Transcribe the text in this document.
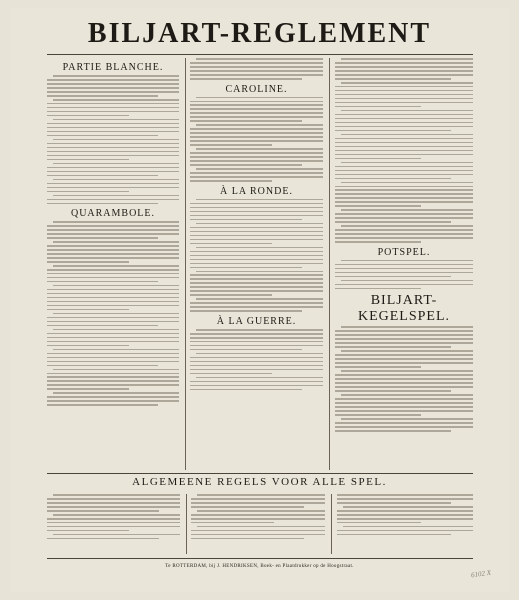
BILJART-REGLEMENT
PARTIE BLANCHE.
QUARAMBOLE.
CAROLINE.
À LA RONDE.
À LA GUERRE.
POTSPEL.
BILJART-KEGELSPEL.
ALGEMEENE REGELS VOOR ALLE SPEL.
Te ROTTERDAM, bij J. HENDRIKSEN, Boek- en Plaatdrukker op de Hoogstraat.
6102 X
